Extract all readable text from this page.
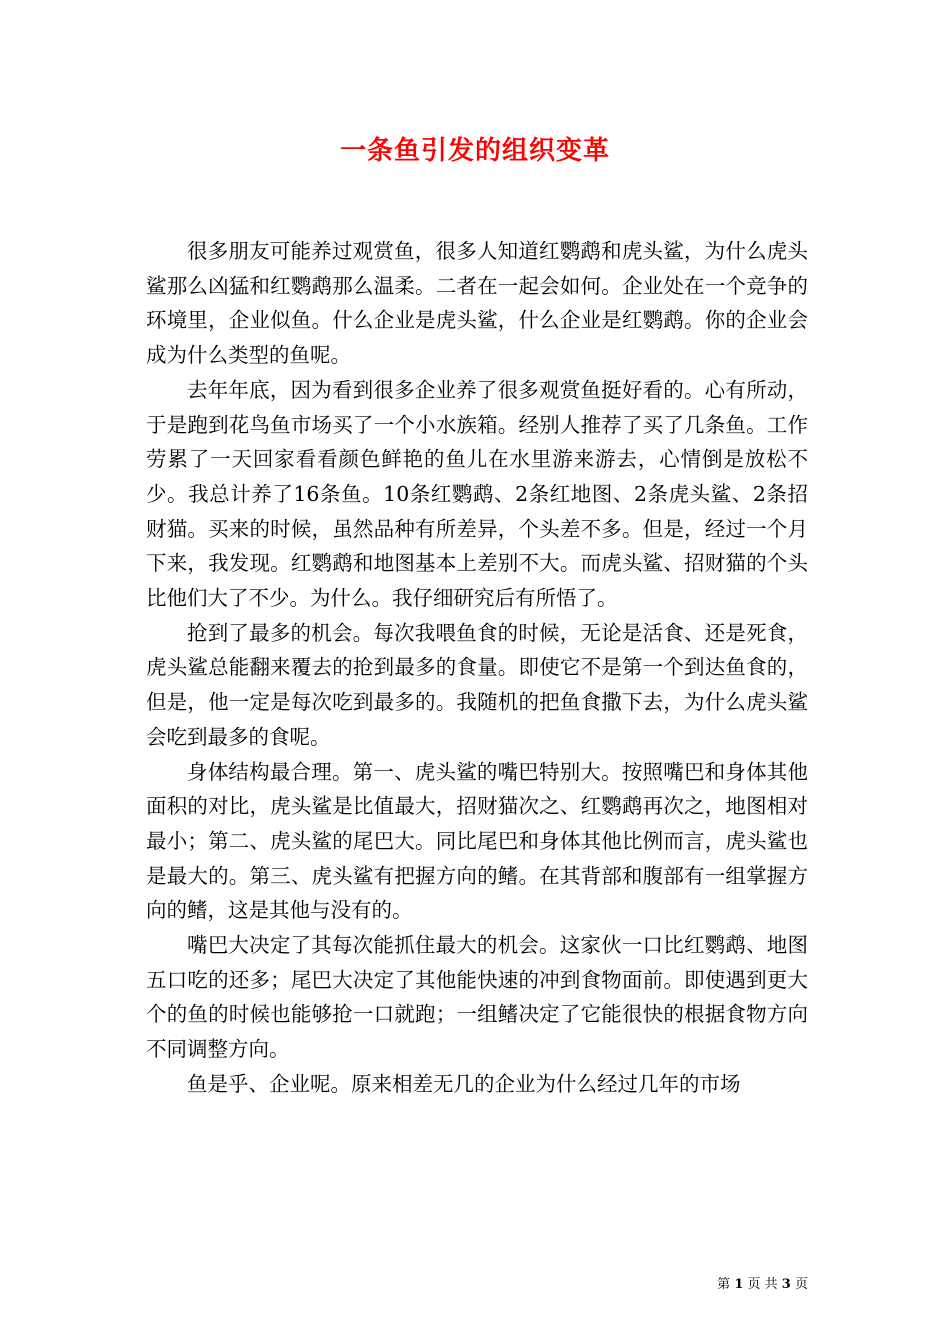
一条鱼引发的组织变革

很多朋友可能养过观赏鱼，很多人知道红鹦鹉和虎头鲨，为什么虎头鲨那么凶猛和红鹦鹉那么温柔。二者在一起会如何。企业处在一个竞争的环境里，企业似鱼。什么企业是虎头鲨，什么企业是红鹦鹉。你的企业会成为什么类型的鱼呢。

去年年底，因为看到很多企业养了很多观赏鱼挺好看的。心有所动，于是跑到花鸟鱼市场买了一个小水族箱。经别人推荐了买了几条鱼。工作劳累了一天回家看看颜色鲜艳的鱼儿在水里游来游去，心情倒是放松不少。我总计养了16条鱼。10条红鹦鹉、2条红地图、2条虎头鲨、2条招财猫。买来的时候，虽然品种有所差异，个头差不多。但是，经过一个月下来，我发现。红鹦鹉和地图基本上差别不大。而虎头鲨、招财猫的个头比他们大了不少。为什么。我仔细研究后有所悟了。

抢到了最多的机会。每次我喂鱼食的时候，无论是活食、还是死食，虎头鲨总能翻来覆去的抢到最多的食量。即使它不是第一个到达鱼食的，但是，他一定是每次吃到最多的。我随机的把鱼食撒下去，为什么虎头鲨会吃到最多的食呢。

身体结构最合理。第一、虎头鲨的嘴巴特别大。按照嘴巴和身体其他面积的对比，虎头鲨是比值最大，招财猫次之、红鹦鹉再次之，地图相对最小；第二、虎头鲨的尾巴大。同比尾巴和身体其他比例而言，虎头鲨也是最大的。第三、虎头鲨有把握方向的鳍。在其背部和腹部有一组掌握方向的鳍，这是其他与没有的。

嘴巴大决定了其每次能抓住最大的机会。这家伙一口比红鹦鹉、地图五口吃的还多；尾巴大决定了其他能快速的冲到食物面前。即使遇到更大个的鱼的时候也能够抢一口就跑；一组鳍决定了它能很快的根据食物方向不同调整方向。

鱼是乎、企业呢。原来相差无几的企业为什么经过几年的市场

第 1 页 共 3 页
